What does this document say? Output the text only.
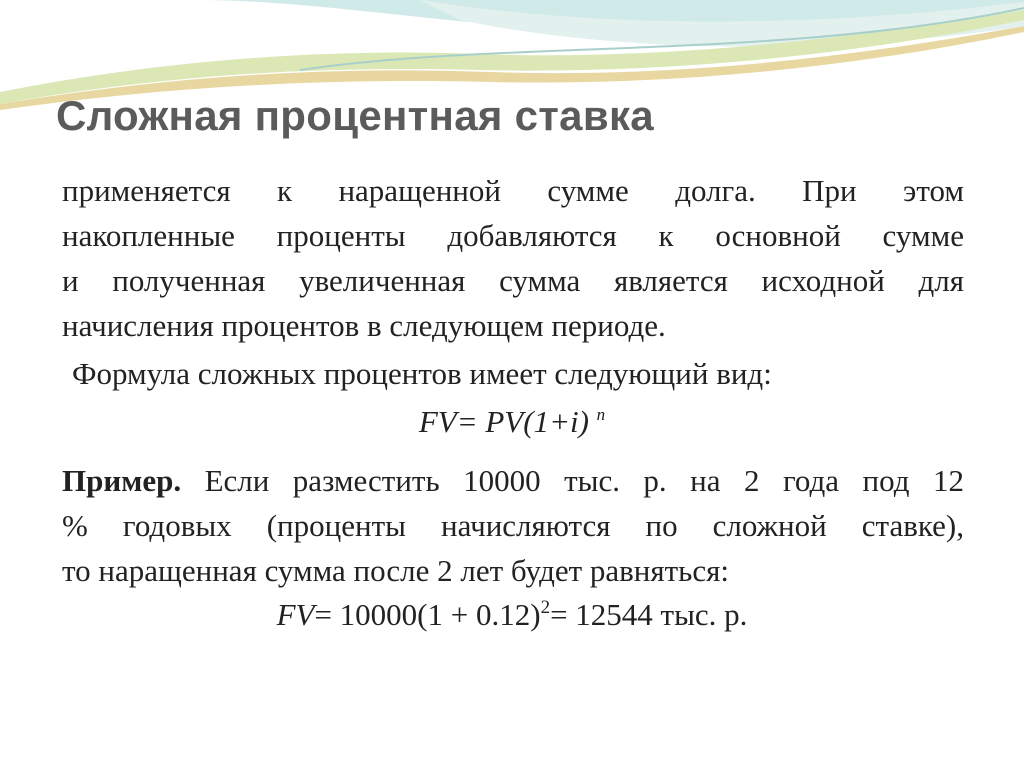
Сложная процентная ставка
применяется к наращенной сумме долга. При этом
накопленные проценты добавляются к основной сумме
и полученная увеличенная сумма является исходной для
начисления процентов в следующем периоде.
Формула сложных процентов имеет следующий вид:
FV= PV(1+i) $^n$
Пример. Если разместить 10000 тыс. р. на 2 года под 12
% годовых (проценты начисляются по сложной ставке),
то наращенная сумма после 2 лет будет равняться:
$FV= 10000(1 + 0.12)^2= 12544$ тыс. р.
